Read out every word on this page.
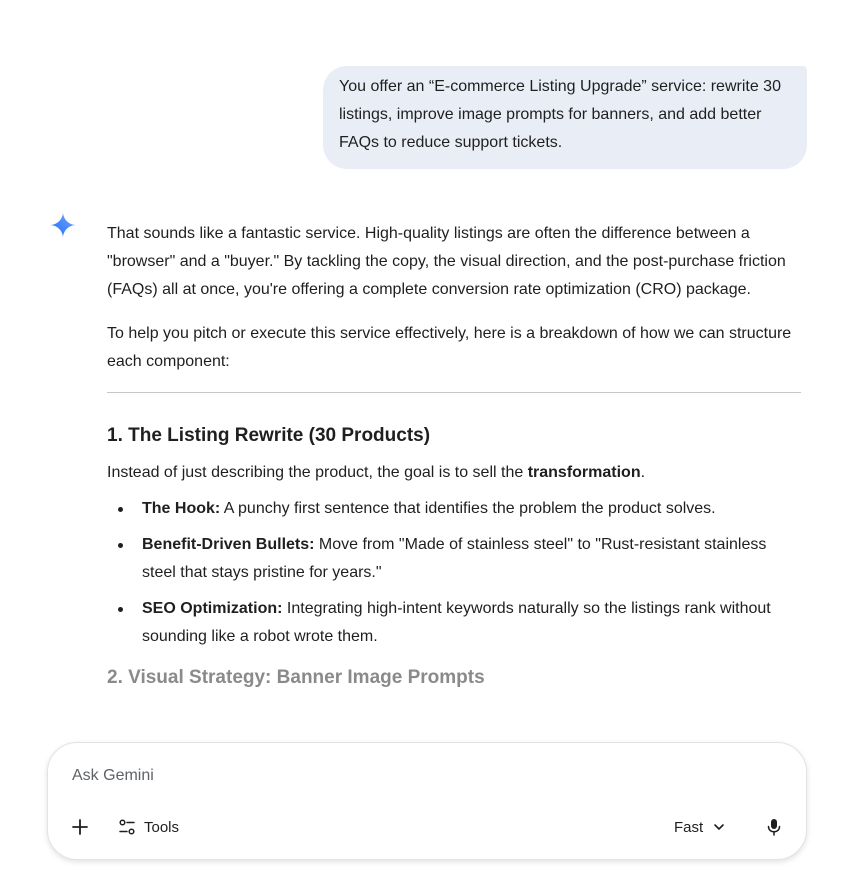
You offer an “E-commerce Listing Upgrade” service: rewrite 30 listings, improve image prompts for banners, and add better FAQs to reduce support tickets.

That sounds like a fantastic service. High-quality listings are often the difference between a "browser" and a "buyer." By tackling the copy, the visual direction, and the post-purchase friction (FAQs) all at once, you're offering a complete conversion rate optimization (CRO) package.

To help you pitch or execute this service effectively, here is a breakdown of how we can structure each component:

1. The Listing Rewrite (30 Products)

Instead of just describing the product, the goal is to sell the transformation.

The Hook: A punchy first sentence that identifies the problem the product solves.
Benefit-Driven Bullets: Move from "Made of stainless steel" to "Rust-resistant stainless steel that stays pristine for years."
SEO Optimization: Integrating high-intent keywords naturally so the listings rank without sounding like a robot wrote them.
2. Visual Strategy: Banner Image Prompts
Ask Gemini
Tools	Fast
